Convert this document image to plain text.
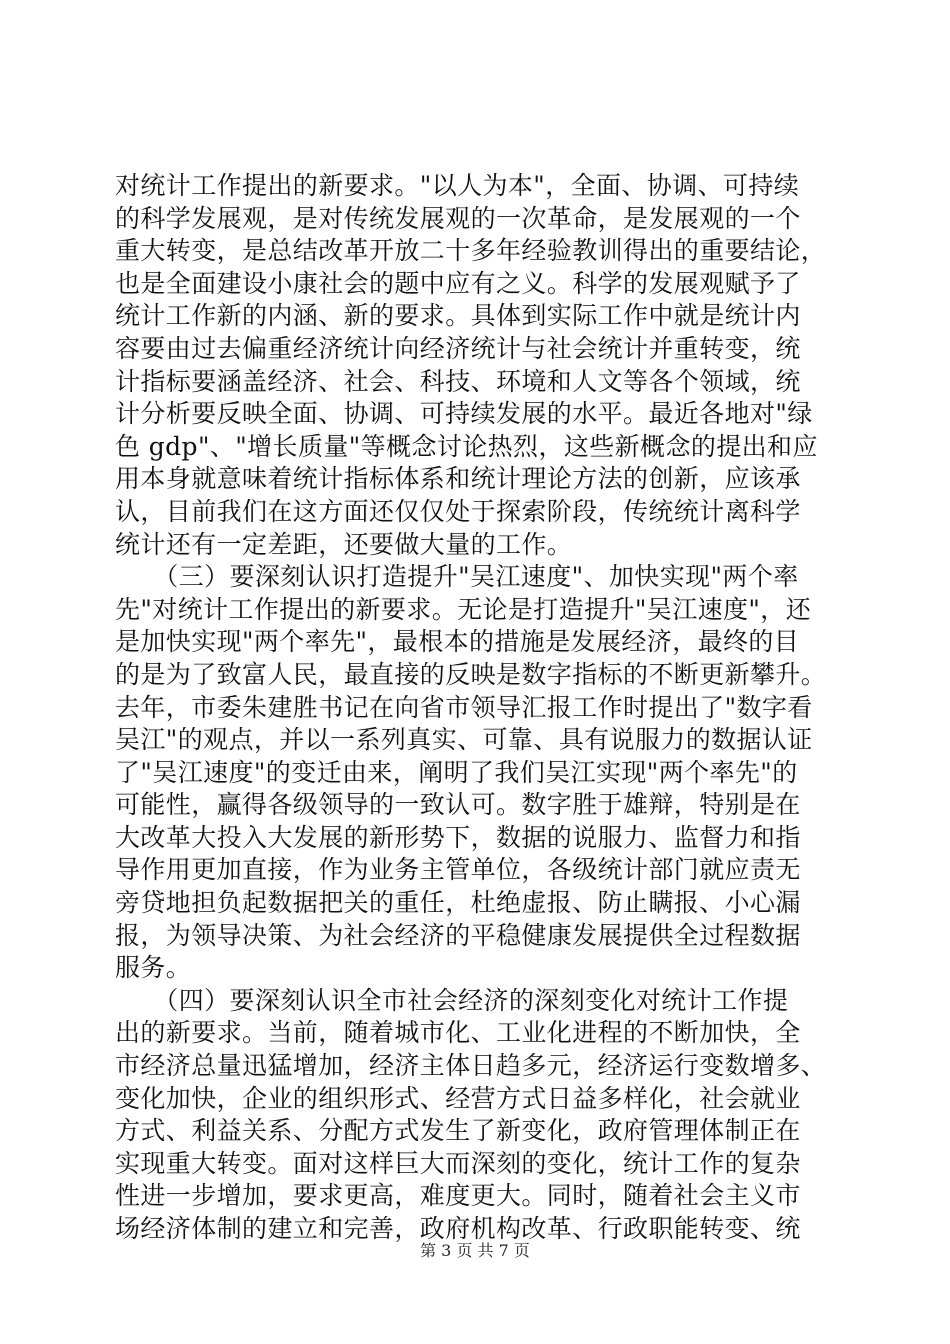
对统计工作提出的新要求。"以人为本"，全面、协调、可持续
的科学发展观，是对传统发展观的一次革命，是发展观的一个
重大转变，是总结改革开放二十多年经验教训得出的重要结论，
也是全面建设小康社会的题中应有之义。科学的发展观赋予了
统计工作新的内涵、新的要求。具体到实际工作中就是统计内
容要由过去偏重经济统计向经济统计与社会统计并重转变，统
计指标要涵盖经济、社会、科技、环境和人文等各个领域，统
计分析要反映全面、协调、可持续发展的水平。最近各地对"绿
色 gdp"、"增长质量"等概念讨论热烈，这些新概念的提出和应
用本身就意味着统计指标体系和统计理论方法的创新，应该承
认，目前我们在这方面还仅仅处于探索阶段，传统统计离科学
统计还有一定差距，还要做大量的工作。
　　（三）要深刻认识打造提升"吴江速度"、加快实现"两个率
先"对统计工作提出的新要求。无论是打造提升"吴江速度"，还
是加快实现"两个率先"，最根本的措施是发展经济，最终的目
的是为了致富人民，最直接的反映是数字指标的不断更新攀升。
去年，市委朱建胜书记在向省市领导汇报工作时提出了"数字看
吴江"的观点，并以一系列真实、可靠、具有说服力的数据认证
了"吴江速度"的变迁由来，阐明了我们吴江实现"两个率先"的
可能性，赢得各级领导的一致认可。数字胜于雄辩，特别是在
大改革大投入大发展的新形势下，数据的说服力、监督力和指
导作用更加直接，作为业务主管单位，各级统计部门就应责无
旁贷地担负起数据把关的重任，杜绝虚报、防止瞒报、小心漏
报，为领导决策、为社会经济的平稳健康发展提供全过程数据
服务。
　　（四）要深刻认识全市社会经济的深刻变化对统计工作提
出的新要求。当前，随着城市化、工业化进程的不断加快，全
市经济总量迅猛增加，经济主体日趋多元，经济运行变数增多、
变化加快，企业的组织形式、经营方式日益多样化，社会就业
方式、利益关系、分配方式发生了新变化，政府管理体制正在
实现重大转变。面对这样巨大而深刻的变化，统计工作的复杂
性进一步增加，要求更高，难度更大。同时，随着社会主义市
场经济体制的建立和完善，政府机构改革、行政职能转变、统
第 3 页 共 7 页
